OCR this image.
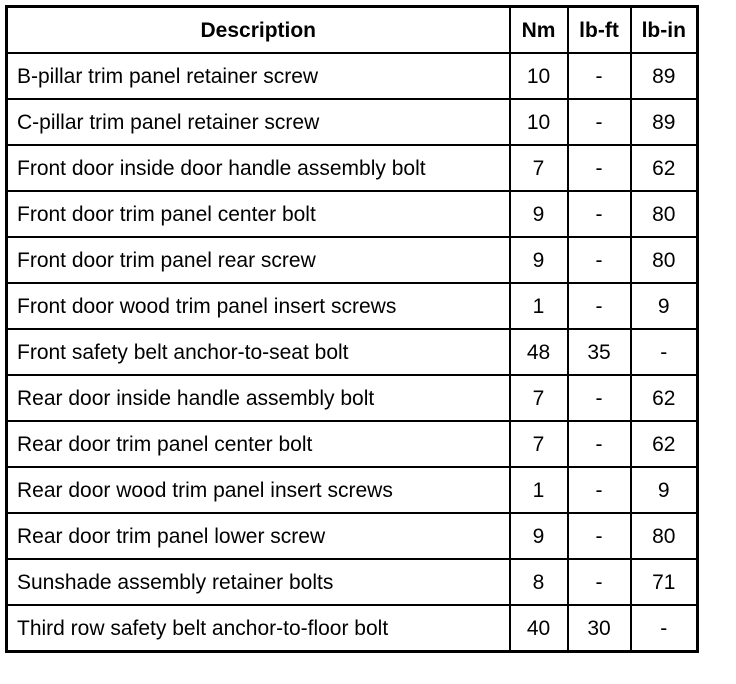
Description	Nm	lb-ft	lb-in
B-pillar trim panel retainer screw	10	-	89
C-pillar trim panel retainer screw	10	-	89
Front door inside door handle assembly bolt	7	-	62
Front door trim panel center bolt	9	-	80
Front door trim panel rear screw	9	-	80
Front door wood trim panel insert screws	1	-	9
Front safety belt anchor-to-seat bolt	48	35	-
Rear door inside handle assembly bolt	7	-	62
Rear door trim panel center bolt	7	-	62
Rear door wood trim panel insert screws	1	-	9
Rear door trim panel lower screw	9	-	80
Sunshade assembly retainer bolts	8	-	71
Third row safety belt anchor-to-floor bolt	40	30	-
